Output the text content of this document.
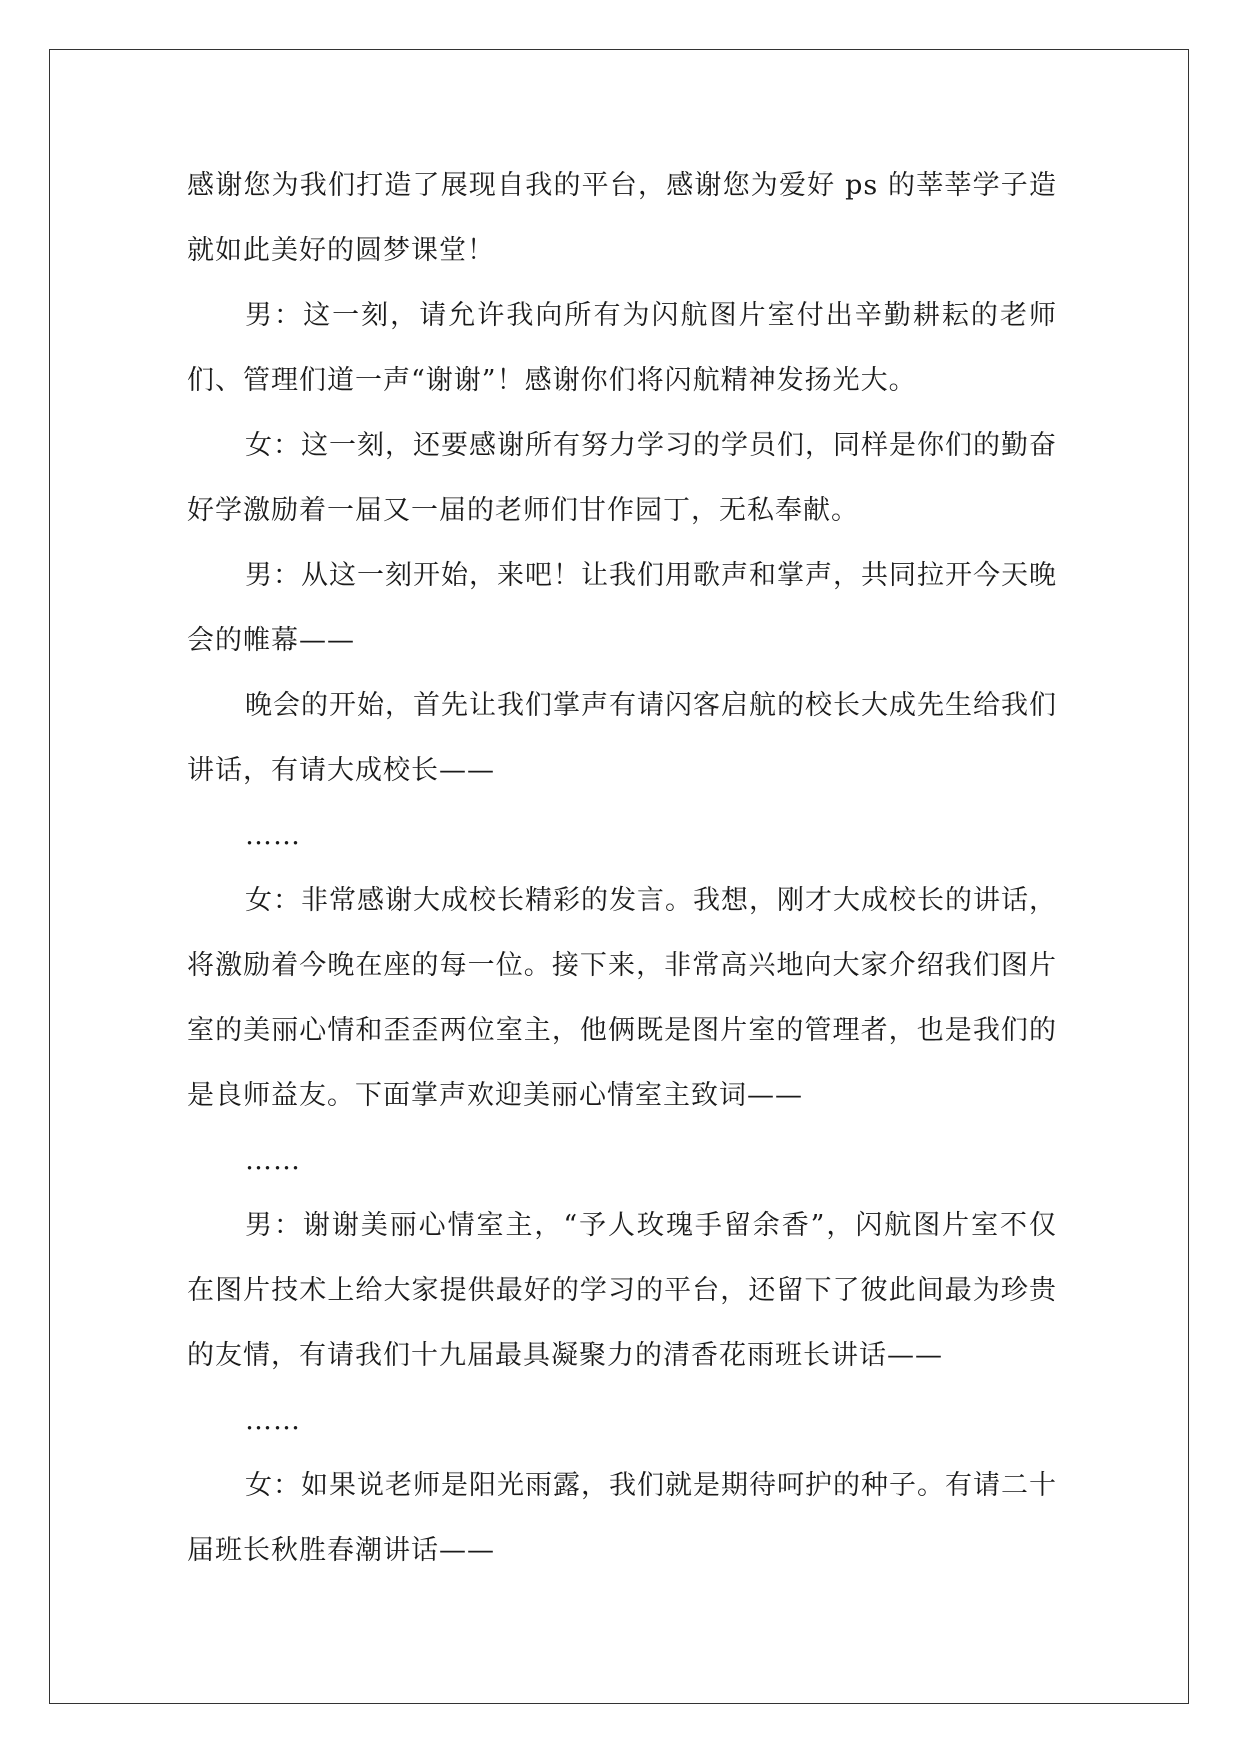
感谢您为我们打造了展现自我的平台，感谢您为爱好 ps 的莘莘学子造就如此美好的圆梦课堂！

男：这一刻，请允许我向所有为闪航图片室付出辛勤耕耘的老师们、管理们道一声“谢谢”！感谢你们将闪航精神发扬光大。

女：这一刻，还要感谢所有努力学习的学员们，同样是你们的勤奋好学激励着一届又一届的老师们甘作园丁，无私奉献。

男：从这一刻开始，来吧！让我们用歌声和掌声，共同拉开今天晚会的帷幕——

晚会的开始，首先让我们掌声有请闪客启航的校长大成先生给我们讲话，有请大成校长——

……

女：非常感谢大成校长精彩的发言。我想，刚才大成校长的讲话，将激励着今晚在座的每一位。接下来，非常高兴地向大家介绍我们图片室的美丽心情和歪歪两位室主，他俩既是图片室的管理者，也是我们的是良师益友。下面掌声欢迎美丽心情室主致词——

……

男：谢谢美丽心情室主，“予人玫瑰手留余香”，闪航图片室不仅在图片技术上给大家提供最好的学习的平台，还留下了彼此间最为珍贵的友情，有请我们十九届最具凝聚力的清香花雨班长讲话——

……

女：如果说老师是阳光雨露，我们就是期待呵护的种子。有请二十届班长秋胜春潮讲话——
